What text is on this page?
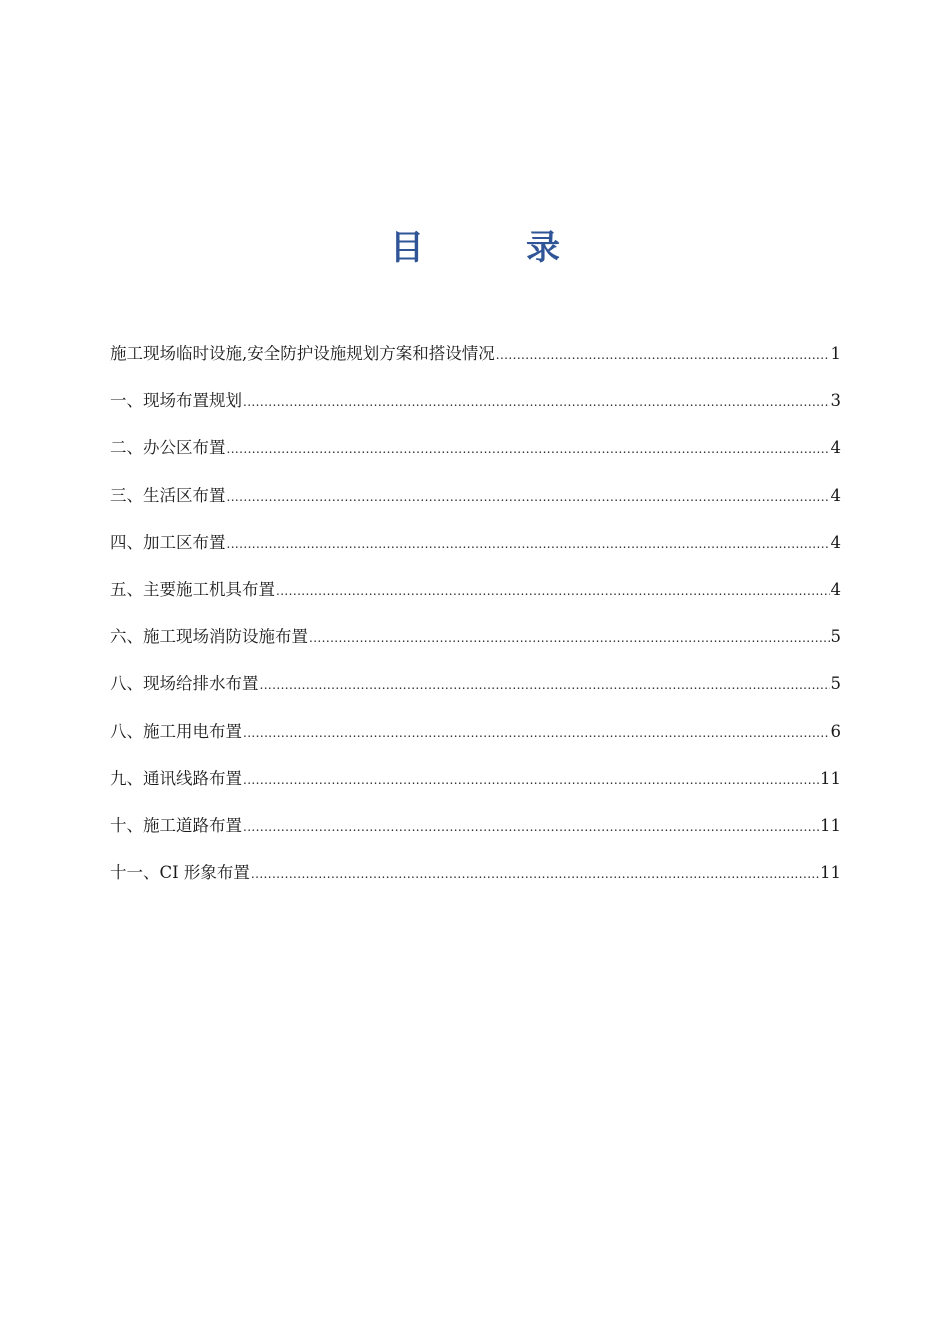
目　录
施工现场临时设施,安全防护设施规划方案和搭设情况 .....	1
一、现场布置规划 .....	3
二、办公区布置 .....	4
三、生活区布置 .....	4
四、加工区布置 .....	4
五、主要施工机具布置 .....	4
六、施工现场消防设施布置 .....	5
八、现场给排水布置 .....	5
八、施工用电布置 .....	6
九、通讯线路布置 .....	11
十、施工道路布置 .....	11
十一、CI 形象布置 .....	11
